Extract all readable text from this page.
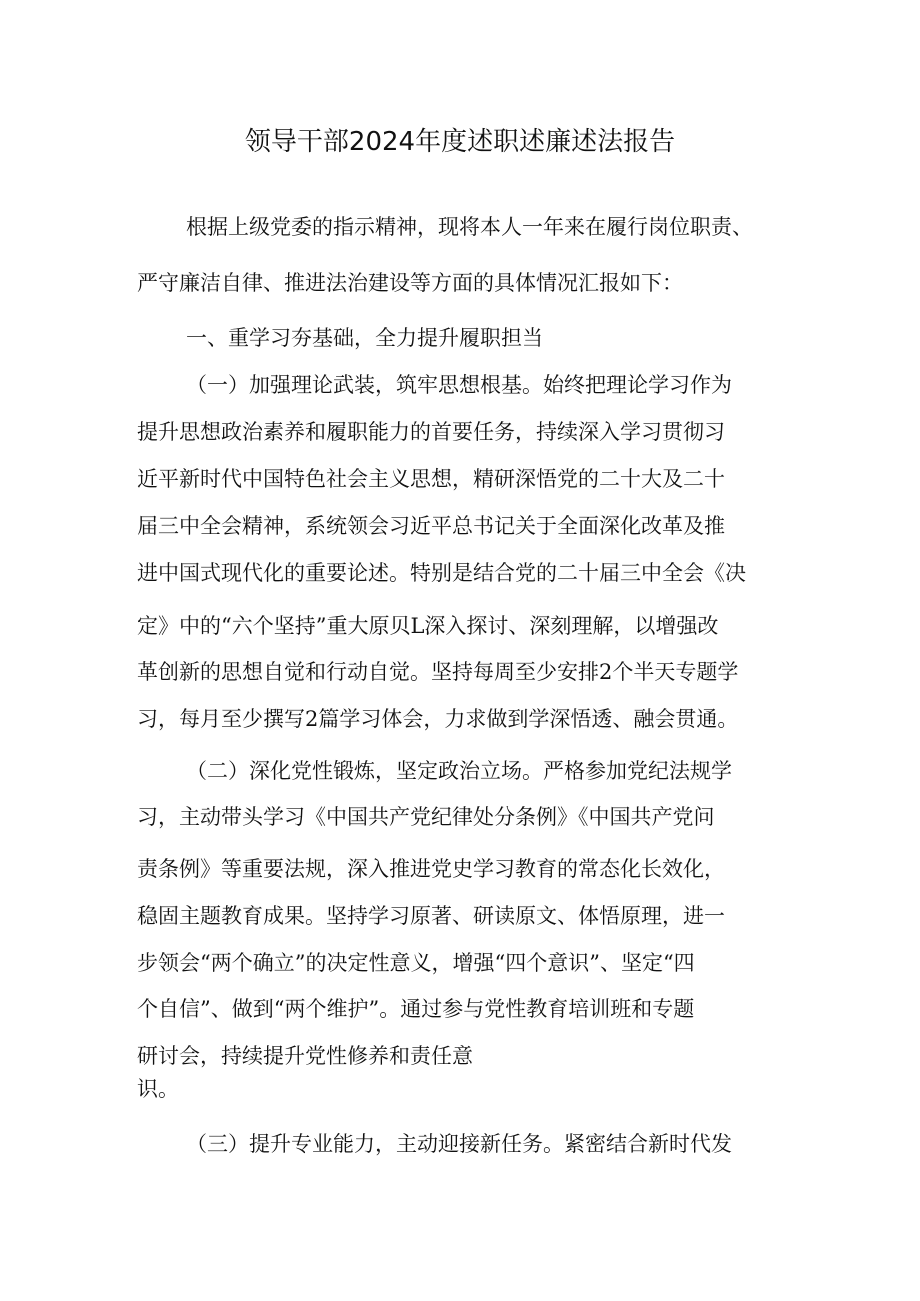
领导干部2024年度述职述廉述法报告
根据上级党委的指示精神，现将本人一年来在履行岗位职责、
严守廉洁自律、推进法治建设等方面的具体情况汇报如下：
一、重学习夯基础，全力提升履职担当
（一）加强理论武装，筑牢思想根基。始终把理论学习作为
提升思想政治素养和履职能力的首要任务，持续深入学习贯彻习
近平新时代中国特色社会主义思想，精研深悟党的二十大及二十
届三中全会精神，系统领会习近平总书记关于全面深化改革及推
进中国式现代化的重要论述。特别是结合党的二十届三中全会《决
定》中的“六个坚持”重大原贝L深入探讨、深刻理解，以增强改
革创新的思想自觉和行动自觉。坚持每周至少安排2个半天专题学
习，每月至少撰写2篇学习体会，力求做到学深悟透、融会贯通。
（二）深化党性锻炼，坚定政治立场。严格参加党纪法规学
习，主动带头学习《中国共产党纪律处分条例》《中国共产党问
责条例》等重要法规，深入推进党史学习教育的常态化长效化，
稳固主题教育成果。坚持学习原著、研读原文、体悟原理，进一
步领会“两个确立”的决定性意义，增强“四个意识”、坚定“四
个自信”、做到“两个维护”。通过参与党性教育培训班和专题
研讨会，持续提升党性修养和责任意
识。
（三）提升专业能力，主动迎接新任务。紧密结合新时代发
